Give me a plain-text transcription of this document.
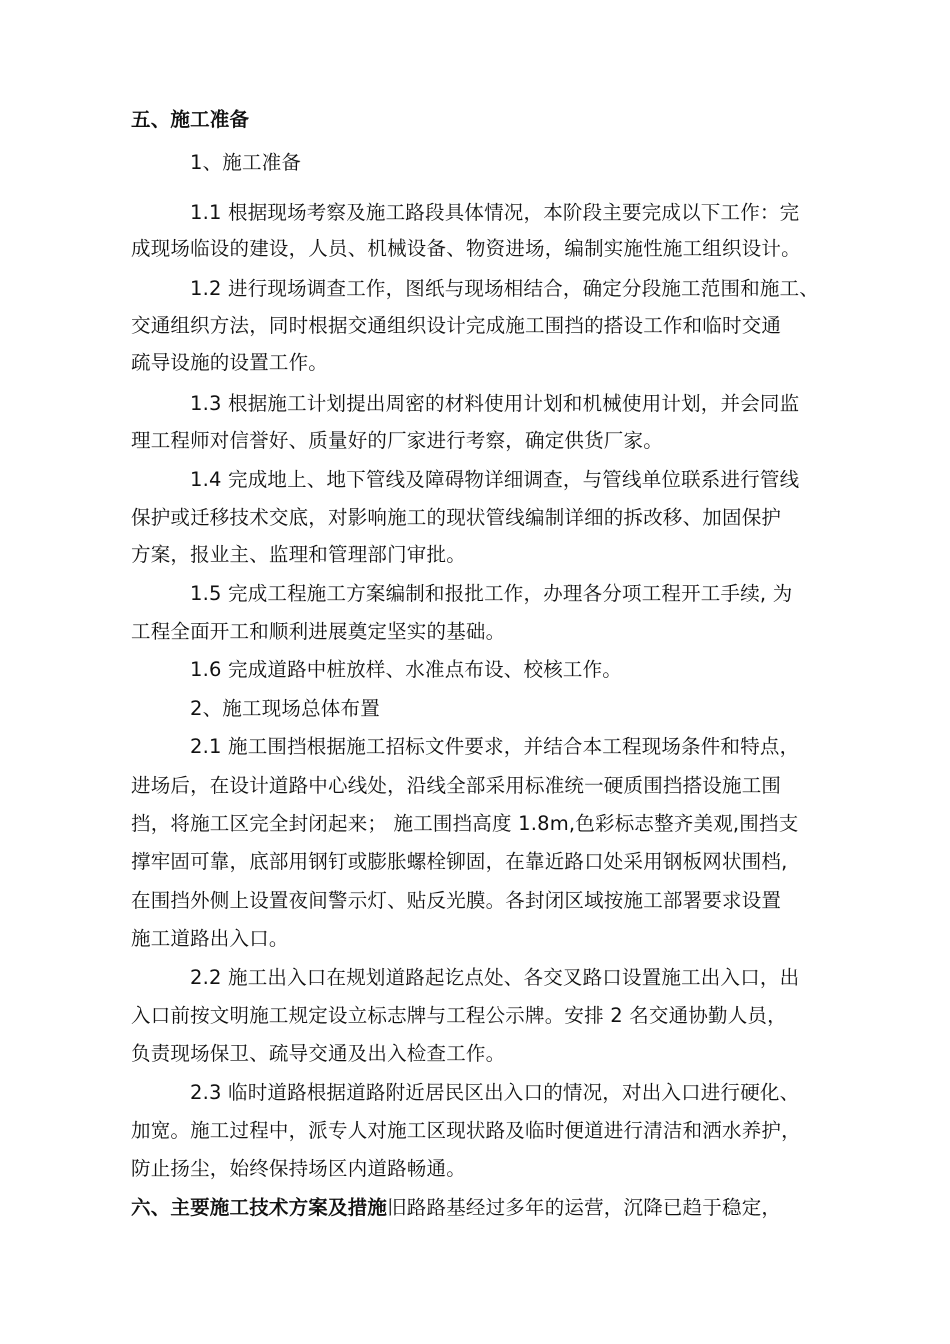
五、施工准备
1、施工准备
1.1 根据现场考察及施工路段具体情况，本阶段主要完成以下工作：完
成现场临设的建设，人员、机械设备、物资进场，编制实施性施工组织设计。
1.2 进行现场调查工作，图纸与现场相结合，确定分段施工范围和施工、
交通组织方法，同时根据交通组织设计完成施工围挡的搭设工作和临时交通
疏导设施的设置工作。
1.3 根据施工计划提出周密的材料使用计划和机械使用计划，并会同监
理工程师对信誉好、质量好的厂家进行考察，确定供货厂家。
1.4 完成地上、地下管线及障碍物详细调查，与管线单位联系进行管线
保护或迁移技术交底，对影响施工的现状管线编制详细的拆改移、加固保护
方案，报业主、监理和管理部门审批。
1.5 完成工程施工方案编制和报批工作，办理各分项工程开工手续, 为
工程全面开工和顺利进展奠定坚实的基础。
1.6 完成道路中桩放样、水准点布设、校核工作。
2、施工现场总体布置
2.1 施工围挡根据施工招标文件要求，并结合本工程现场条件和特点，
进场后，在设计道路中心线处，沿线全部采用标准统一硬质围挡搭设施工围
挡，将施工区完全封闭起来； 施工围挡高度 1.8m,色彩标志整齐美观,围挡支
撑牢固可靠，底部用钢钉或膨胀螺栓铆固，在靠近路口处采用钢板网状围档,
在围挡外侧上设置夜间警示灯、贴反光膜。各封闭区域按施工部署要求设置
施工道路出入口。
2.2 施工出入口在规划道路起讫点处、各交叉路口设置施工出入口，出
入口前按文明施工规定设立标志牌与工程公示牌。安排 2 名交通协勤人员，
负责现场保卫、疏导交通及出入检查工作。
2.3 临时道路根据道路附近居民区出入口的情况，对出入口进行硬化、
加宽。施工过程中，派专人对施工区现状路及临时便道进行清洁和洒水养护，
防止扬尘，始终保持场区内道路畅通。
六、主要施工技术方案及措施旧路路基经过多年的运营，沉降已趋于稳定，
